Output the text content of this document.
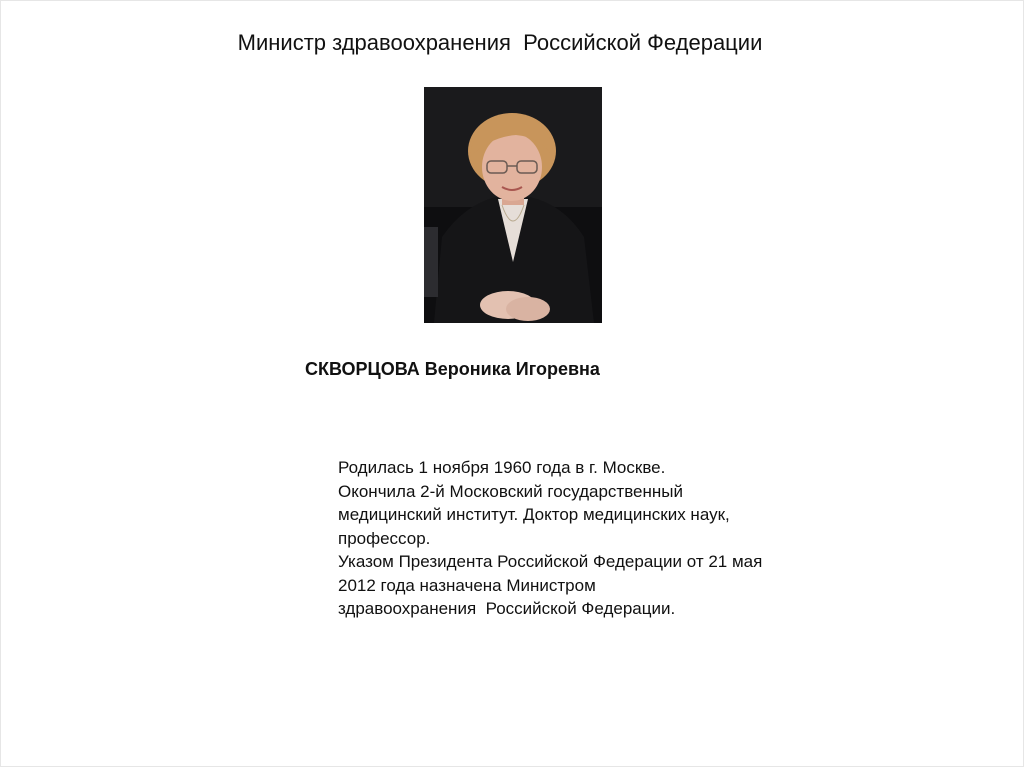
Министр здравоохранения  Российской Федерации
СКВОРЦОВА Вероника Игоревна
Родилась 1 ноября 1960 года в г. Москве.
Окончила 2-й Московский государственный
медицинский институт. Доктор медицинских наук,
профессор.
Указом Президента Российской Федерации от 21 мая
2012 года назначена Министром
здравоохранения  Российской Федерации.
